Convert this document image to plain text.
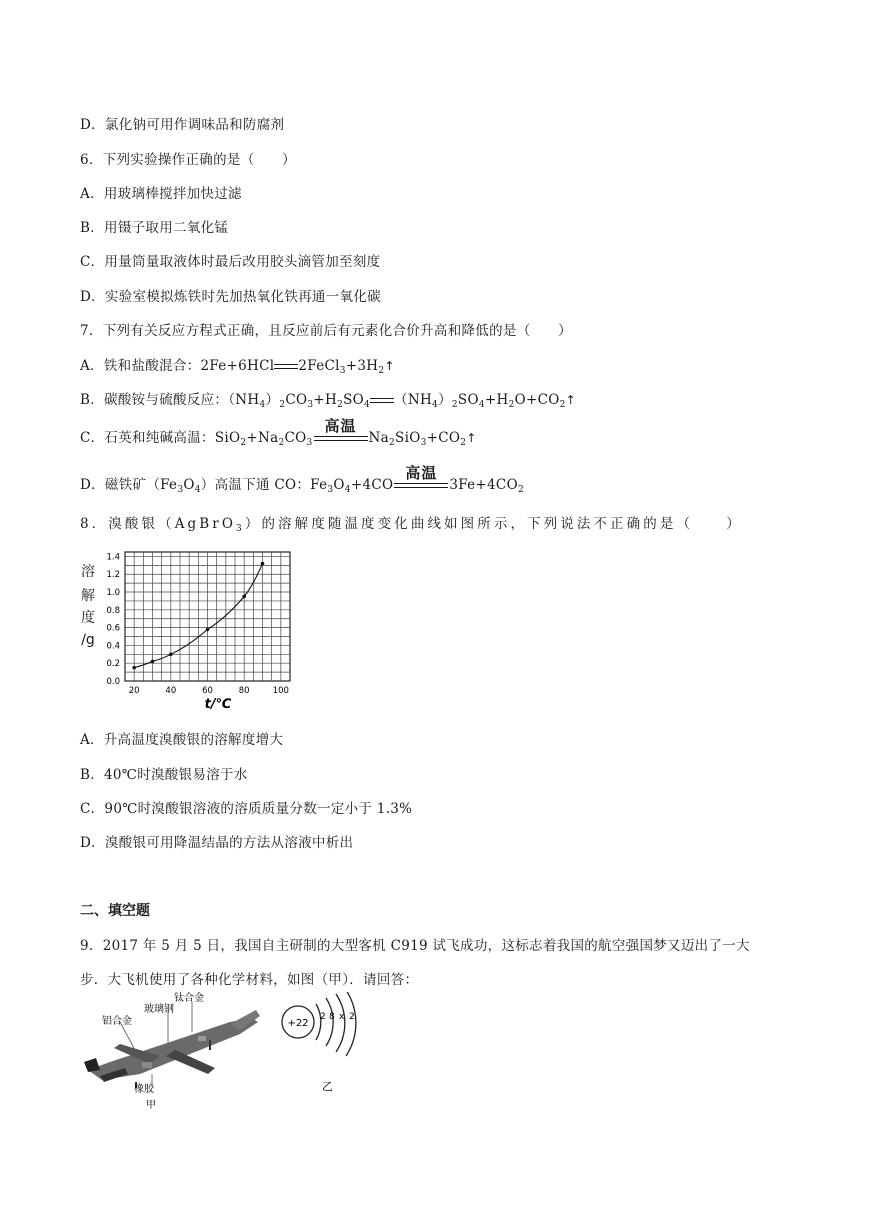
D．氯化钠可用作调味品和防腐剂
6．下列实验操作正确的是（　　）
A．用玻璃棒搅拌加快过滤
B．用镊子取用二氧化锰
C．用量筒量取液体时最后改用胶头滴管加至刻度
D．实验室模拟炼铁时先加热氧化铁再通一氧化碳
7．下列有关反应方程式正确，且反应前后有元素化合价升高和降低的是（　　）
A．铁和盐酸混合：2Fe+6HCl $2FeCl_3+3H_2↑$
B．碳酸铵与硫酸反应：$(NH_4)_2CO_3+H_2SO_4$ $(NH_4)_2SO_4+H_2O+CO_2↑$
C．石英和纯碱高温：$SiO_2+Na_2CO_3$
高温
$Na_2SiO_3+CO_2↑$
D．磁铁矿$(Fe_3O_4)$高温下通 CO：$Fe_3O_4+4CO$
高温
$3Fe+4CO_2$
8．溴酸银（AgBrO$_3$）的溶解度随温度变化曲线如图所示，下列说法不正确的是（　　）
溶
解
度
/g
0.0
0.2
0.4
0.6
0.8
1.0
1.2
1.4
20	40	60	80	100
t/℃
A．升高温度溴酸银的溶解度增大
B．40℃时溴酸银易溶于水
C．90℃时溴酸银溶液的溶质质量分数一定小于 1.3%
D．溴酸银可用降温结晶的方法从溶液中析出
二、填空题
9．2017 年 5 月 5 日，我国自主研制的大型客机 C919 试飞成功，这标志着我国的航空强国梦又迈出了一大
步．大飞机使用了各种化学材料，如图（甲）．请回答：
铝合金
玻璃钢
钛合金
橡胶
甲
+22
2 8 x 2
乙
